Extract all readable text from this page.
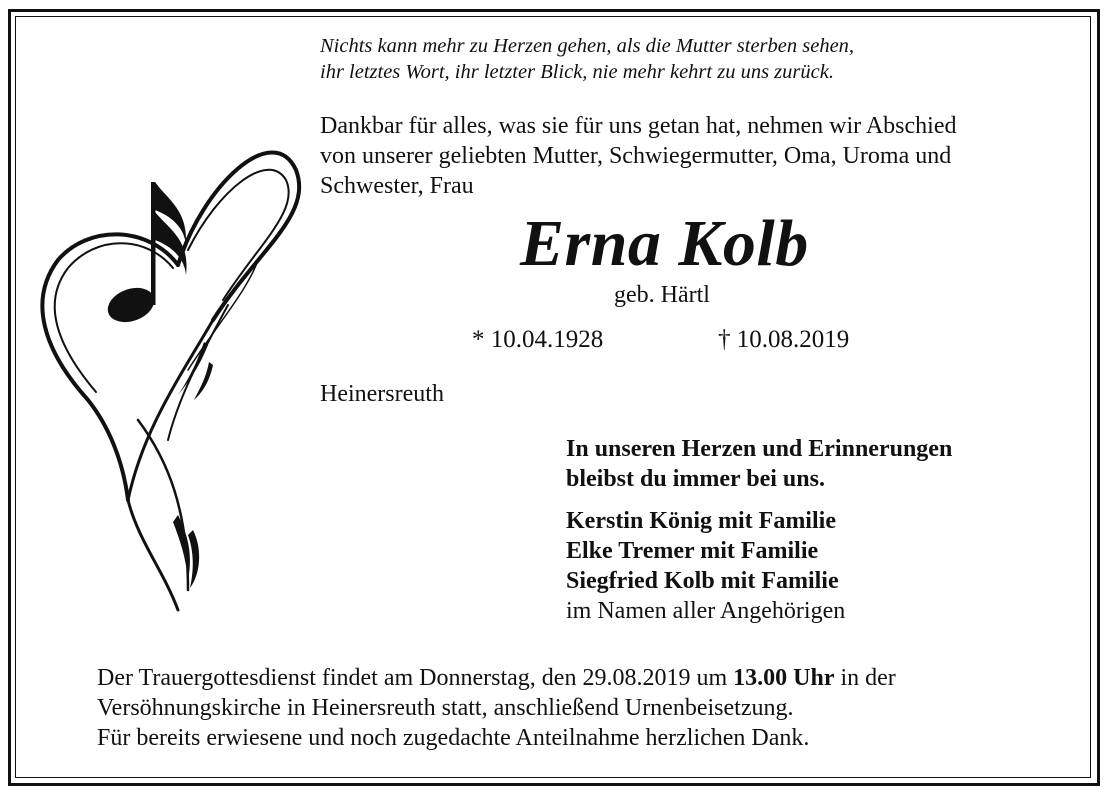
Nichts kann mehr zu Herzen gehen, als die Mutter sterben sehen,
ihr letztes Wort, ihr letzter Blick, nie mehr kehrt zu uns zurück.
Dankbar für alles, was sie für uns getan hat, nehmen wir Abschied
von unserer geliebten Mutter, Schwiegermutter, Oma, Uroma und
Schwester, Frau
Erna Kolb
geb. Härtl
* 10.04.1928	† 10.08.2019
Heinersreuth
In unseren Herzen und Erinnerungen
bleibst du immer bei uns.
Kerstin König mit Familie
Elke Tremer mit Familie
Siegfried Kolb mit Familie
im Namen aller Angehörigen
Der Trauergottesdienst findet am Donnerstag, den 29.08.2019 um 13.00 Uhr in der
Versöhnungskirche in Heinersreuth statt, anschließend Urnenbeisetzung.
Für bereits erwiesene und noch zugedachte Anteilnahme herzlichen Dank.
